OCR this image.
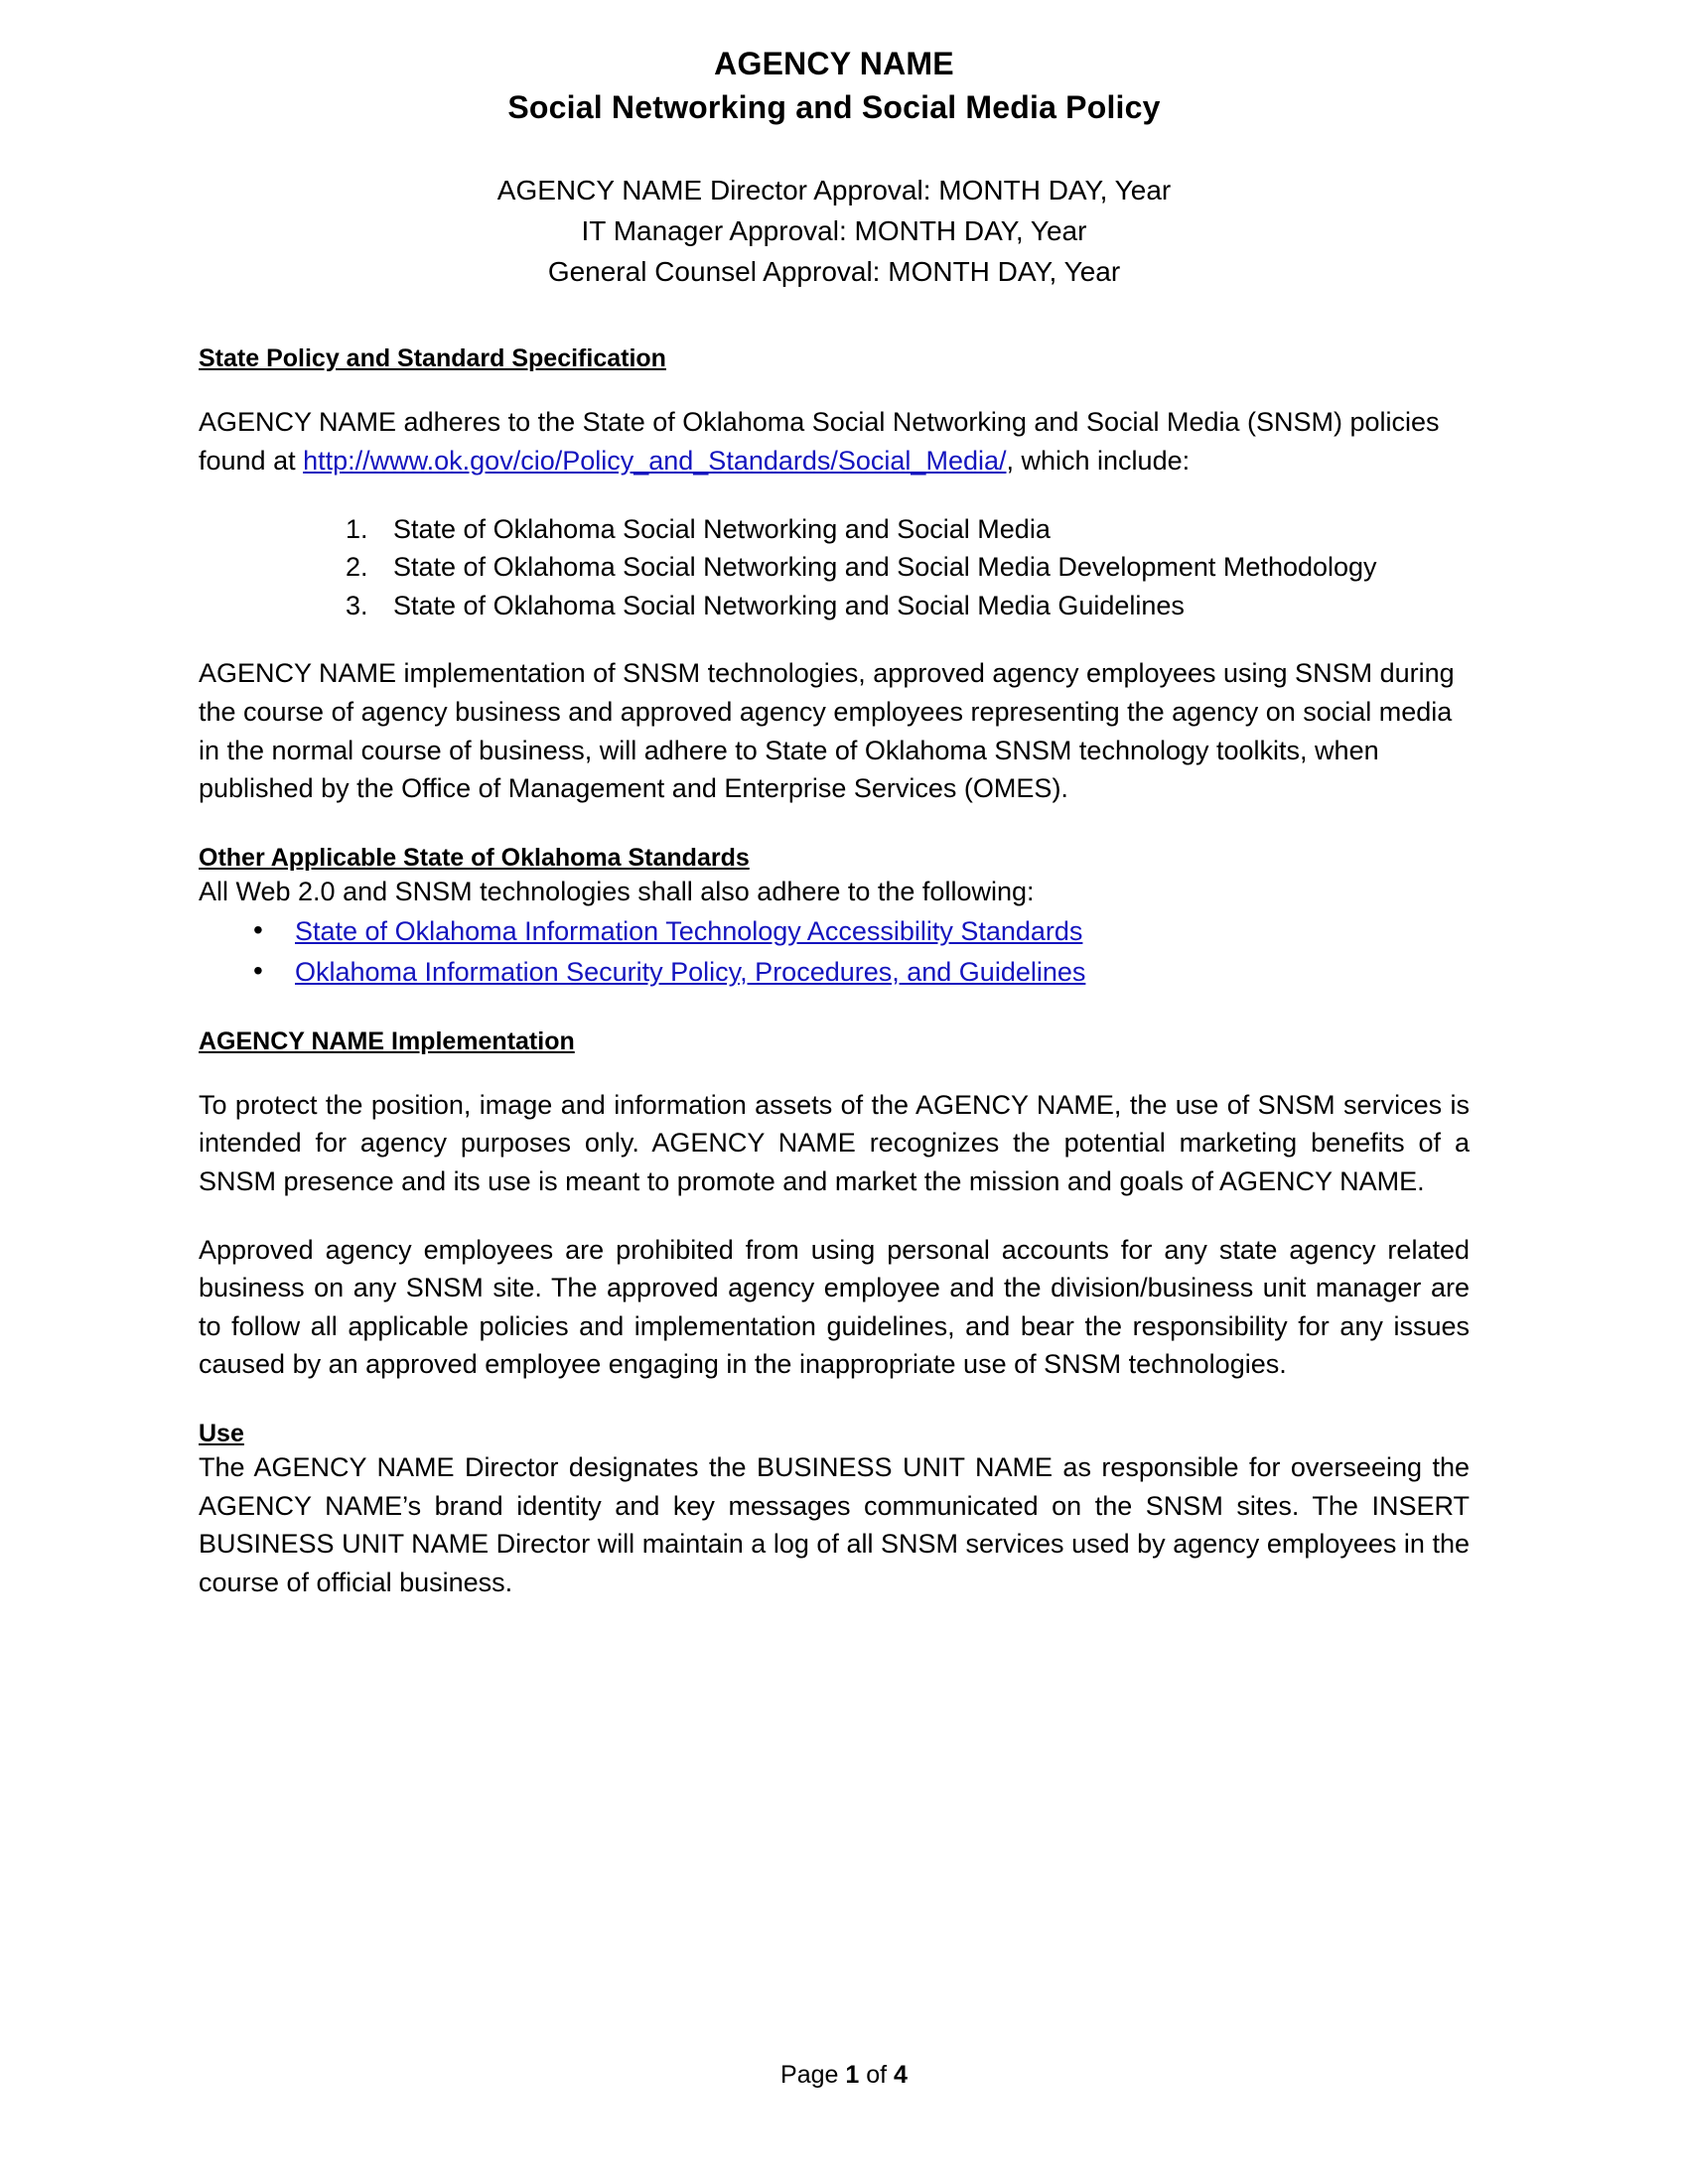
AGENCY NAME
Social Networking and Social Media Policy
AGENCY NAME Director Approval: MONTH DAY, Year
IT Manager Approval: MONTH DAY, Year
General Counsel Approval: MONTH DAY, Year
State Policy and Standard Specification

AGENCY NAME adheres to the State of Oklahoma Social Networking and Social Media (SNSM) policies found at http://www.ok.gov/cio/Policy_and_Standards/Social_Media/, which include:

State of Oklahoma Social Networking and Social Media
State of Oklahoma Social Networking and Social Media Development Methodology
State of Oklahoma Social Networking and Social Media Guidelines

AGENCY NAME implementation of SNSM technologies, approved agency employees using SNSM during the course of agency business and approved agency employees representing the agency on social media in the normal course of business, will adhere to State of Oklahoma SNSM technology toolkits, when published by the Office of Management and Enterprise Services (OMES).

Other Applicable State of Oklahoma Standards

All Web 2.0 and SNSM technologies shall also adhere to the following:

• State of Oklahoma Information Technology Accessibility Standards
• Oklahoma Information Security Policy, Procedures, and Guidelines
AGENCY NAME Implementation

To protect the position, image and information assets of the AGENCY NAME, the use of SNSM services is intended for agency purposes only. AGENCY NAME recognizes the potential marketing benefits of a SNSM presence and its use is meant to promote and market the mission and goals of AGENCY NAME.

Approved agency employees are prohibited from using personal accounts for any state agency related business on any SNSM site. The approved agency employee and the division/business unit manager are to follow all applicable policies and implementation guidelines, and bear the responsibility for any issues caused by an approved employee engaging in the inappropriate use of SNSM technologies.

Use

The AGENCY NAME Director designates the BUSINESS UNIT NAME as responsible for overseeing the AGENCY NAME’s brand identity and key messages communicated on the SNSM sites. The INSERT BUSINESS UNIT NAME Director will maintain a log of all SNSM services used by agency employees in the course of official business.

Page 1 of 4
